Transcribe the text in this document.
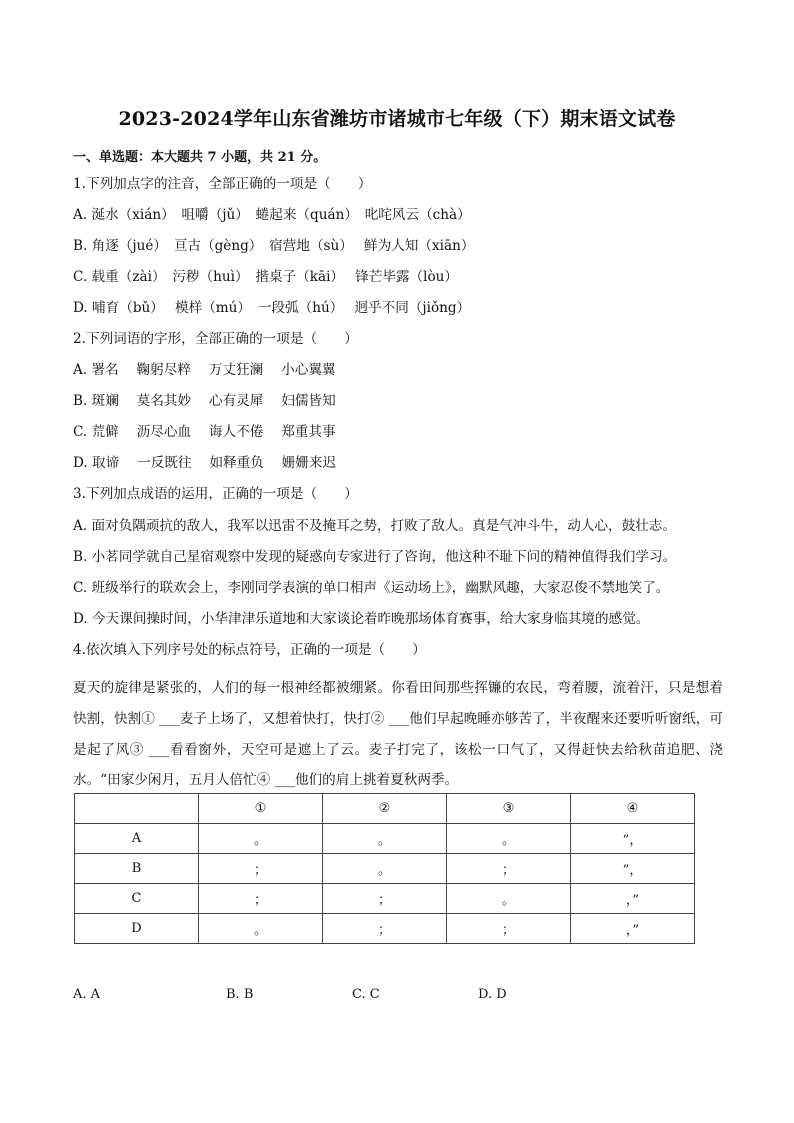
2023-2024学年山东省潍坊市诸城市七年级（下）期末语文试卷
一、单选题：本大题共 7 小题，共 21 分。
1.下列加点字的注音，全部正确的一项是（　　）
A. 涎水（xián）　咀嚼（jǔ）　蜷起来（quán）　叱咤风云（chà）
B. 角逐（jué）　亘古（gèng）　宿营地（sù）　 鲜为人知（xiān）
C. 载重（zài）　污秽（huì）　揩桌子（kāi）　 锋芒毕露（lòu）
D. 哺育（bǔ）　 模样（mú）　一段弧（hú）　 迥乎不同（jiǒng）
2.下列词语的字形，全部正确的一项是（　　）
A. 署名　 鞠躬尽粹　 万丈狂澜　 小心翼翼
B. 斑斓　 莫名其妙　 心有灵犀　 妇儒皆知
C. 荒僻　 沥尽心血　 诲人不倦　 郑重其事
D. 取谛　 一反既往　 如释重负　 姗姗来迟
3.下列加点成语的运用，正确的一项是（　　）
A. 面对负隅顽抗的敌人，我军以迅雷不及掩耳之势，打败了敌人。真是气冲斗牛，动人心，鼓壮志。
B. 小茗同学就自己星宿观察中发现的疑惑向专家进行了咨询，他这种不耻下问的精神值得我们学习。
C. 班级举行的联欢会上，李刚同学表演的单口相声《运动场上》，幽默风趣，大家忍俊不禁地笑了。
D. 今天课间操时间，小华津津乐道地和大家谈论着昨晚那场体育赛事，给大家身临其境的感觉。
4.依次填入下列序号处的标点符号，正确的一项是（　　）
夏天的旋律是紧张的，人们的每一根神经都被绷紧。你看田间那些挥镰的农民，弯着腰，流着汗，只是想着快割，快割① ___麦子上场了，又想着快打，快打② ___他们早起晚睡亦够苦了，半夜醒来还要听听窗纸，可是起了风③ ___看看窗外，天空可是遮上了云。麦子打完了，该松一口气了，又得赶快去给秋苗追肥、浇水。“田家少闲月，五月人倍忙④ ___他们的肩上挑着夏秋两季。
	①	②	③	④
A	。	。	。	”，
B	；	。	；	”，
C	；	；	。	，”
D	。	；	；	，”
A. A	B. B	C. C	D. D
